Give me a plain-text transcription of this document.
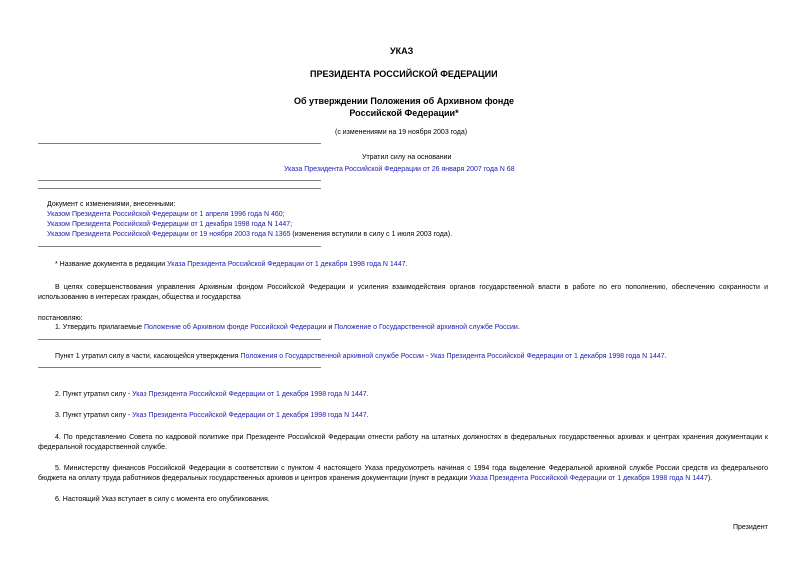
УКАЗ
ПРЕЗИДЕНТА РОССИЙСКОЙ ФЕДЕРАЦИИ
Об утверждении Положения об Архивном фонде
Российской Федерации*
(с изменениями на 19 ноября 2003 года)
Утратил силу на основании
Указа Президента Российской Федерации от 26 января 2007 года N 68
Документ с изменениями, внесенными:
Указом Президента Российской Федерации от 1 апреля 1996 года N 460;
Указом Президента Российской Федерации от 1 декабря 1998 года N 1447;
Указом Президента Российской Федерации от 19 ноября 2003 года N 1365 (изменения вступили в силу с 1 июля 2003 года).
* Название документа в редакции Указа Президента Российской Федерации от 1 декабря 1998 года N 1447.
В целях совершенствования управления Архивным фондом Российской Федерации и усиления взаимодействия органов государственной власти в работе по его пополнению, обеспечению сохранности и использованию в интересах граждан, общества и государства
постановляю:
1. Утвердить прилагаемые Положение об Архивном фонде Российской Федерации и Положение о Государственной архивной службе России.
Пункт 1 утратил силу в части, касающейся утверждения Положения о Государственной архивной службе России - Указ Президента Российской Федерации от 1 декабря 1998 года N 1447.
2. Пункт утратил силу - Указ Президента Российской Федерации от 1 декабря 1998 года N 1447.
3. Пункт утратил силу - Указ Президента Российской Федерации от 1 декабря 1998 года N 1447.
4. По представлению Совета по кадровой политике при Президенте Российской Федерации отнести работу на штатных должностях в федеральных государственных архивах и центрах хранения документации к федеральной государственной службе.
5. Министерству финансов Российской Федерации в соответствии с пунктом 4 настоящего Указа предусмотреть начиная с 1994 года выделение Федеральной архивной службе России средств из федерального бюджета на оплату труда работников федеральных государственных архивов и центров хранения документации (пункт в редакции Указа Президента Российской Федерации от 1 декабря 1998 года N 1447).
6. Настоящий Указ вступает в силу с момента его опубликования.
Президент
